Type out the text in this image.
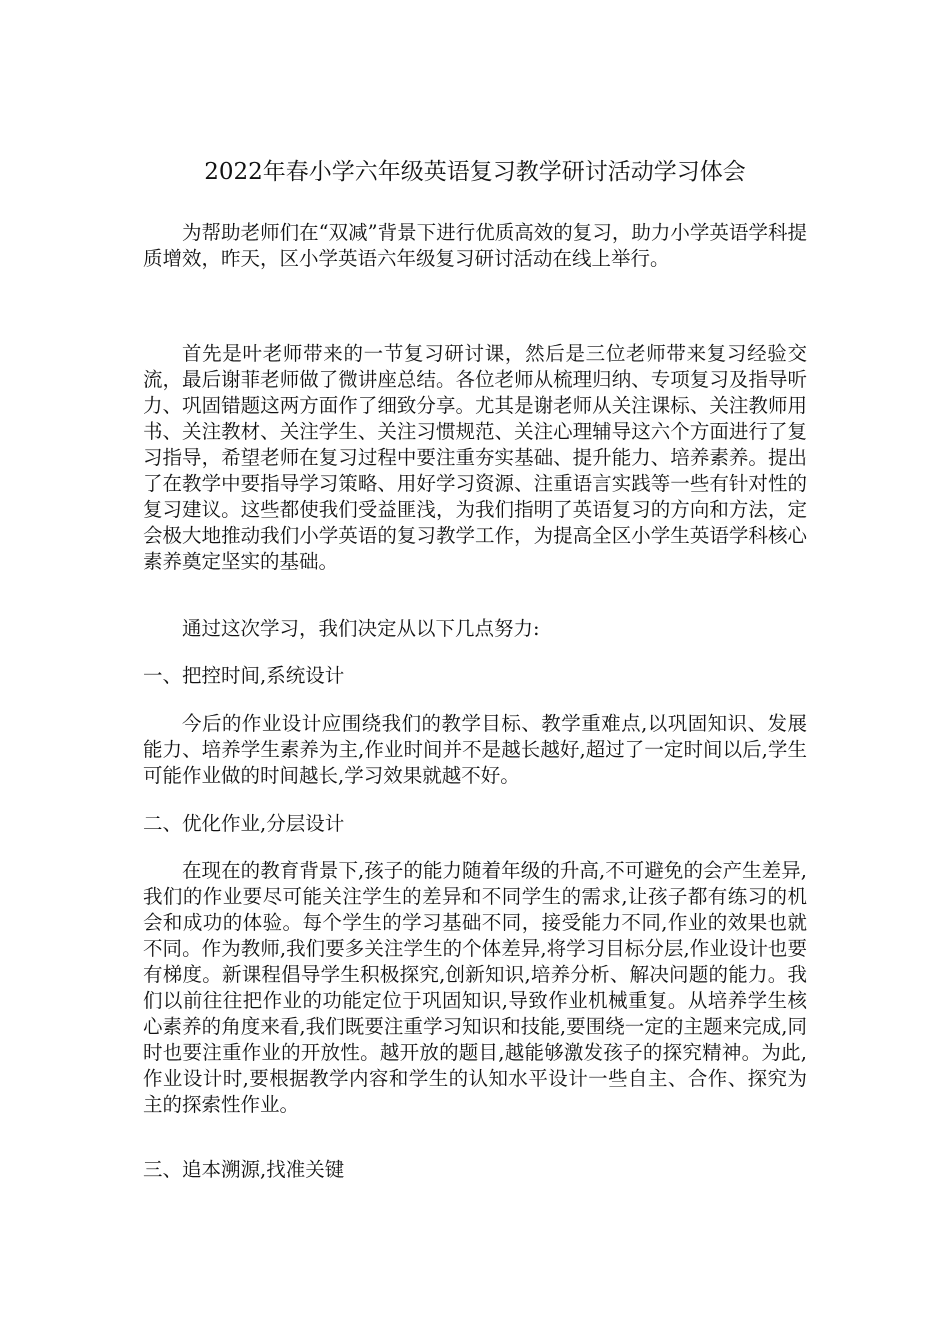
2022年春小学六年级英语复习教学研讨活动学习体会

为帮助老师们在“双减”背景下进行优质高效的复习，助力小学英语学科提质增效，昨天，区小学英语六年级复习研讨活动在线上举行。

首先是叶老师带来的一节复习研讨课，然后是三位老师带来复习经验交流，最后谢菲老师做了微讲座总结。各位老师从梳理归纳、专项复习及指导听力、巩固错题这两方面作了细致分享。尤其是谢老师从关注课标、关注教师用书、关注教材、关注学生、关注习惯规范、关注心理辅导这六个方面进行了复习指导，希望老师在复习过程中要注重夯实基础、提升能力、培养素养。提出了在教学中要指导学习策略、用好学习资源、注重语言实践等一些有针对性的复习建议。这些都使我们受益匪浅，为我们指明了英语复习的方向和方法，定会极大地推动我们小学英语的复习教学工作，为提高全区小学生英语学科核心素养奠定坚实的基础。

通过这次学习，我们决定从以下几点努力:

一、把控时间,系统设计

今后的作业设计应围绕我们的教学目标、教学重难点,以巩固知识、发展能力、培养学生素养为主,作业时间并不是越长越好,超过了一定时间以后,学生可能作业做的时间越长,学习效果就越不好。

二、优化作业,分层设计

在现在的教育背景下,孩子的能力随着年级的升高,不可避免的会产生差异,我们的作业要尽可能关注学生的差异和不同学生的需求,让孩子都有练习的机会和成功的体验。每个学生的学习基础不同，接受能力不同,作业的效果也就不同。作为教师,我们要多关注学生的个体差异,将学习目标分层,作业设计也要有梯度。新课程倡导学生积极探究,创新知识,培养分析、解决问题的能力。我们以前往往把作业的功能定位于巩固知识,导致作业机械重复。从培养学生核心素养的角度来看,我们既要注重学习知识和技能,要围绕一定的主题来完成,同时也要注重作业的开放性。越开放的题目,越能够激发孩子的探究精神。为此,作业设计时,要根据教学内容和学生的认知水平设计一些自主、合作、探究为主的探索性作业。

三、追本溯源,找准关键
